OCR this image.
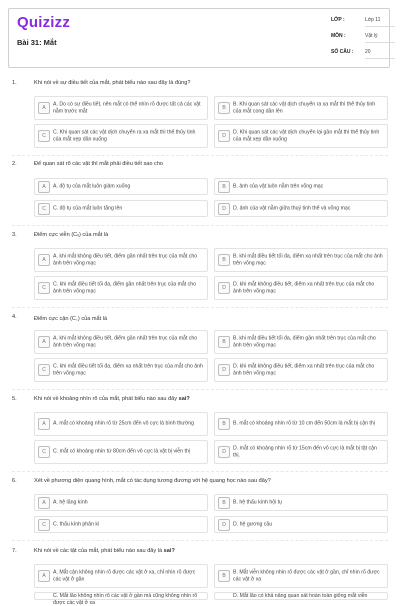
Quizizz
Bài 31: Mắt
LỚP :	Lớp 11
MÔN :	Vật lý
SỐ CÂU : 20
1.	Khi nói về sự điều tiết của mắt, phát biểu nào sau đây là đúng?
A
A. Do có sự điều tiết, nên mắt có thể nhìn rõ được tất cả các vật nằm trước mắt	B
B. Khi quan sát các vật dịch chuyển ra xa mắt thì thể thủy tinh của mắt cong dần lên
C
C. Khi quan sát các vật dịch chuyển ra xa mắt thì thể thủy tinh của mắt xẹp dần xuống	D
D. Khi quan sát các vật dịch chuyển lại gần mắt thì thể thủy tinh của mắt xẹp dần xuống
2.	Để quan sát rõ các vật thì mắt phải điều tiết sao cho
A	A. độ tụ của mắt luôn giảm xuống	B	B. ảnh của vật luôn nằm trên võng mạc
C	C. độ tụ của mắt luôn tăng lên	D	D. ảnh của vật nằm giữa thuỷ tinh thể và võng mạc
3.	Điểm cực viễn (Cᵥ) của mắt là
A
A. khi mắt không điều tiết, điểm gần nhất trên trục của mắt cho ảnh trên võng mạc	B
B. khi mắt điều tiết tối đa, điểm xa nhất trên trục của mắt cho ảnh trên võng mạc
C
C. khi mắt điều tiết tối đa, điểm gần nhất trên trục của mắt cho ảnh trên võng mạc	D
D. khi mắt không điều tiết, điểm xa nhất trên trục của mắt cho ảnh trên võng mạc
4.	Điểm cực cận (C꜀) của mắt là
A
A. khi mắt không điều tiết, điểm gần nhất trên trục của mắt cho ảnh trên võng mạc	B
B. khi mắt điều tiết tối đa, điểm gần nhất trên trục của mắt cho ảnh trên võng mạc
C
C. khi mắt điều tiết tối đa, điểm xa nhất trên trục của mắt cho ảnh trên võng mạc	D
D. khi mắt không điều tiết, điểm xa nhất trên trục của mắt cho ảnh trên võng mạc
5.	Khi nói về khoảng nhìn rõ của mắt, phát biểu nào sau đây sai?
A	A. mắt có khoảng nhìn rõ từ 25cm đến vô cực là bình thường	B	B. mắt có khoảng nhìn rõ từ 10 cm đến 50cm là mắt bị cận thị
C	C. mắt có khoảng nhìn từ 80cm đến vô cực là vật bị viễn thị	D
D. mắt có khoảng nhìn rõ từ 15cm đến vô cực là mắt bị tật cận thị.
6.	Xét về phương diện quang hình, mắt có tác dụng tương đương với hệ quang học nào sau đây?
A	A. hệ lăng kính	B	B. hệ thấu kính hội tụ
C	C. thấu kính phân kì	D	D. hệ gương cầu
7.	Khi nói về các tật của mắt, phát biểu nào sau đây là sai?
A
A. Mắt cận không nhìn rõ được các vật ở xa, chỉ nhìn rõ được các vật ở gần	B
B. Mắt viễn không nhìn rõ được các vật ở gần, chỉ nhìn rõ được các vật ở xa
C. Mắt lão không nhìn rõ các vật ở gần mà cũng không nhìn rõ được các vật ở xa
D. Mắt lão có khả năng quan sát hoàn toàn giống mắt viễn
